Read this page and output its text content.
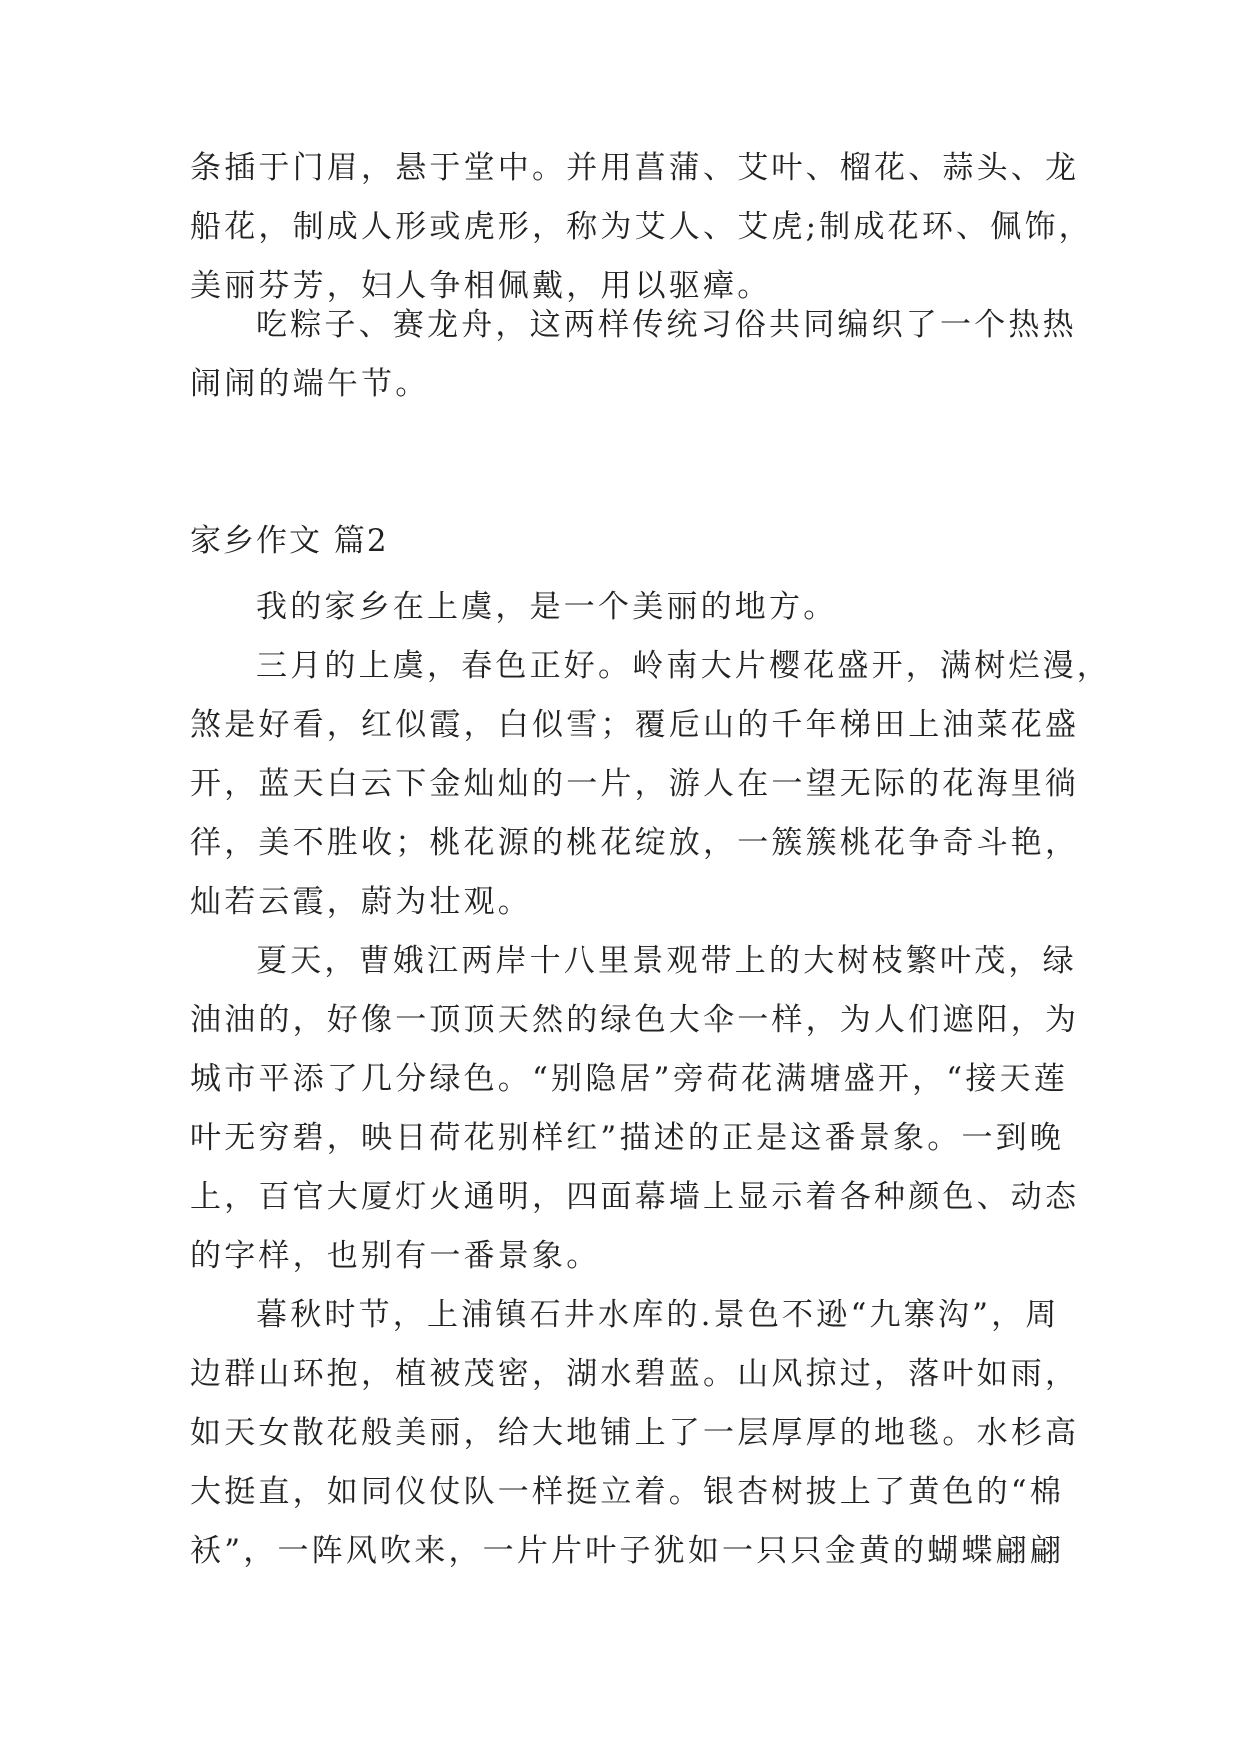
条插于门眉，悬于堂中。并用菖蒲、艾叶、榴花、蒜头、龙
船花，制成人形或虎形，称为艾人、艾虎;制成花环、佩饰，
美丽芬芳，妇人争相佩戴，用以驱瘴。
吃粽子、赛龙舟，这两样传统习俗共同编织了一个热热
闹闹的端午节。
家乡作文 篇2
我的家乡在上虞，是一个美丽的地方。
三月的上虞，春色正好。岭南大片樱花盛开，满树烂漫，
煞是好看，红似霞，白似雪；覆卮山的千年梯田上油菜花盛
开，蓝天白云下金灿灿的一片，游人在一望无际的花海里徜
徉，美不胜收；桃花源的桃花绽放，一簇簇桃花争奇斗艳，
灿若云霞，蔚为壮观。
夏天，曹娥江两岸十八里景观带上的大树枝繁叶茂，绿
油油的，好像一顶顶天然的绿色大伞一样，为人们遮阳，为
城市平添了几分绿色。“别隐居”旁荷花满塘盛开，“接天莲
叶无穷碧，映日荷花别样红”描述的正是这番景象。一到晚
上，百官大厦灯火通明，四面幕墙上显示着各种颜色、动态
的字样，也别有一番景象。
暮秋时节，上浦镇石井水库的.景色不逊“九寨沟”，周
边群山环抱，植被茂密，湖水碧蓝。山风掠过，落叶如雨，
如天女散花般美丽，给大地铺上了一层厚厚的地毯。水杉高
大挺直，如同仪仗队一样挺立着。银杏树披上了黄色的“棉
袄”，一阵风吹来，一片片叶子犹如一只只金黄的蝴蝶翩翩
